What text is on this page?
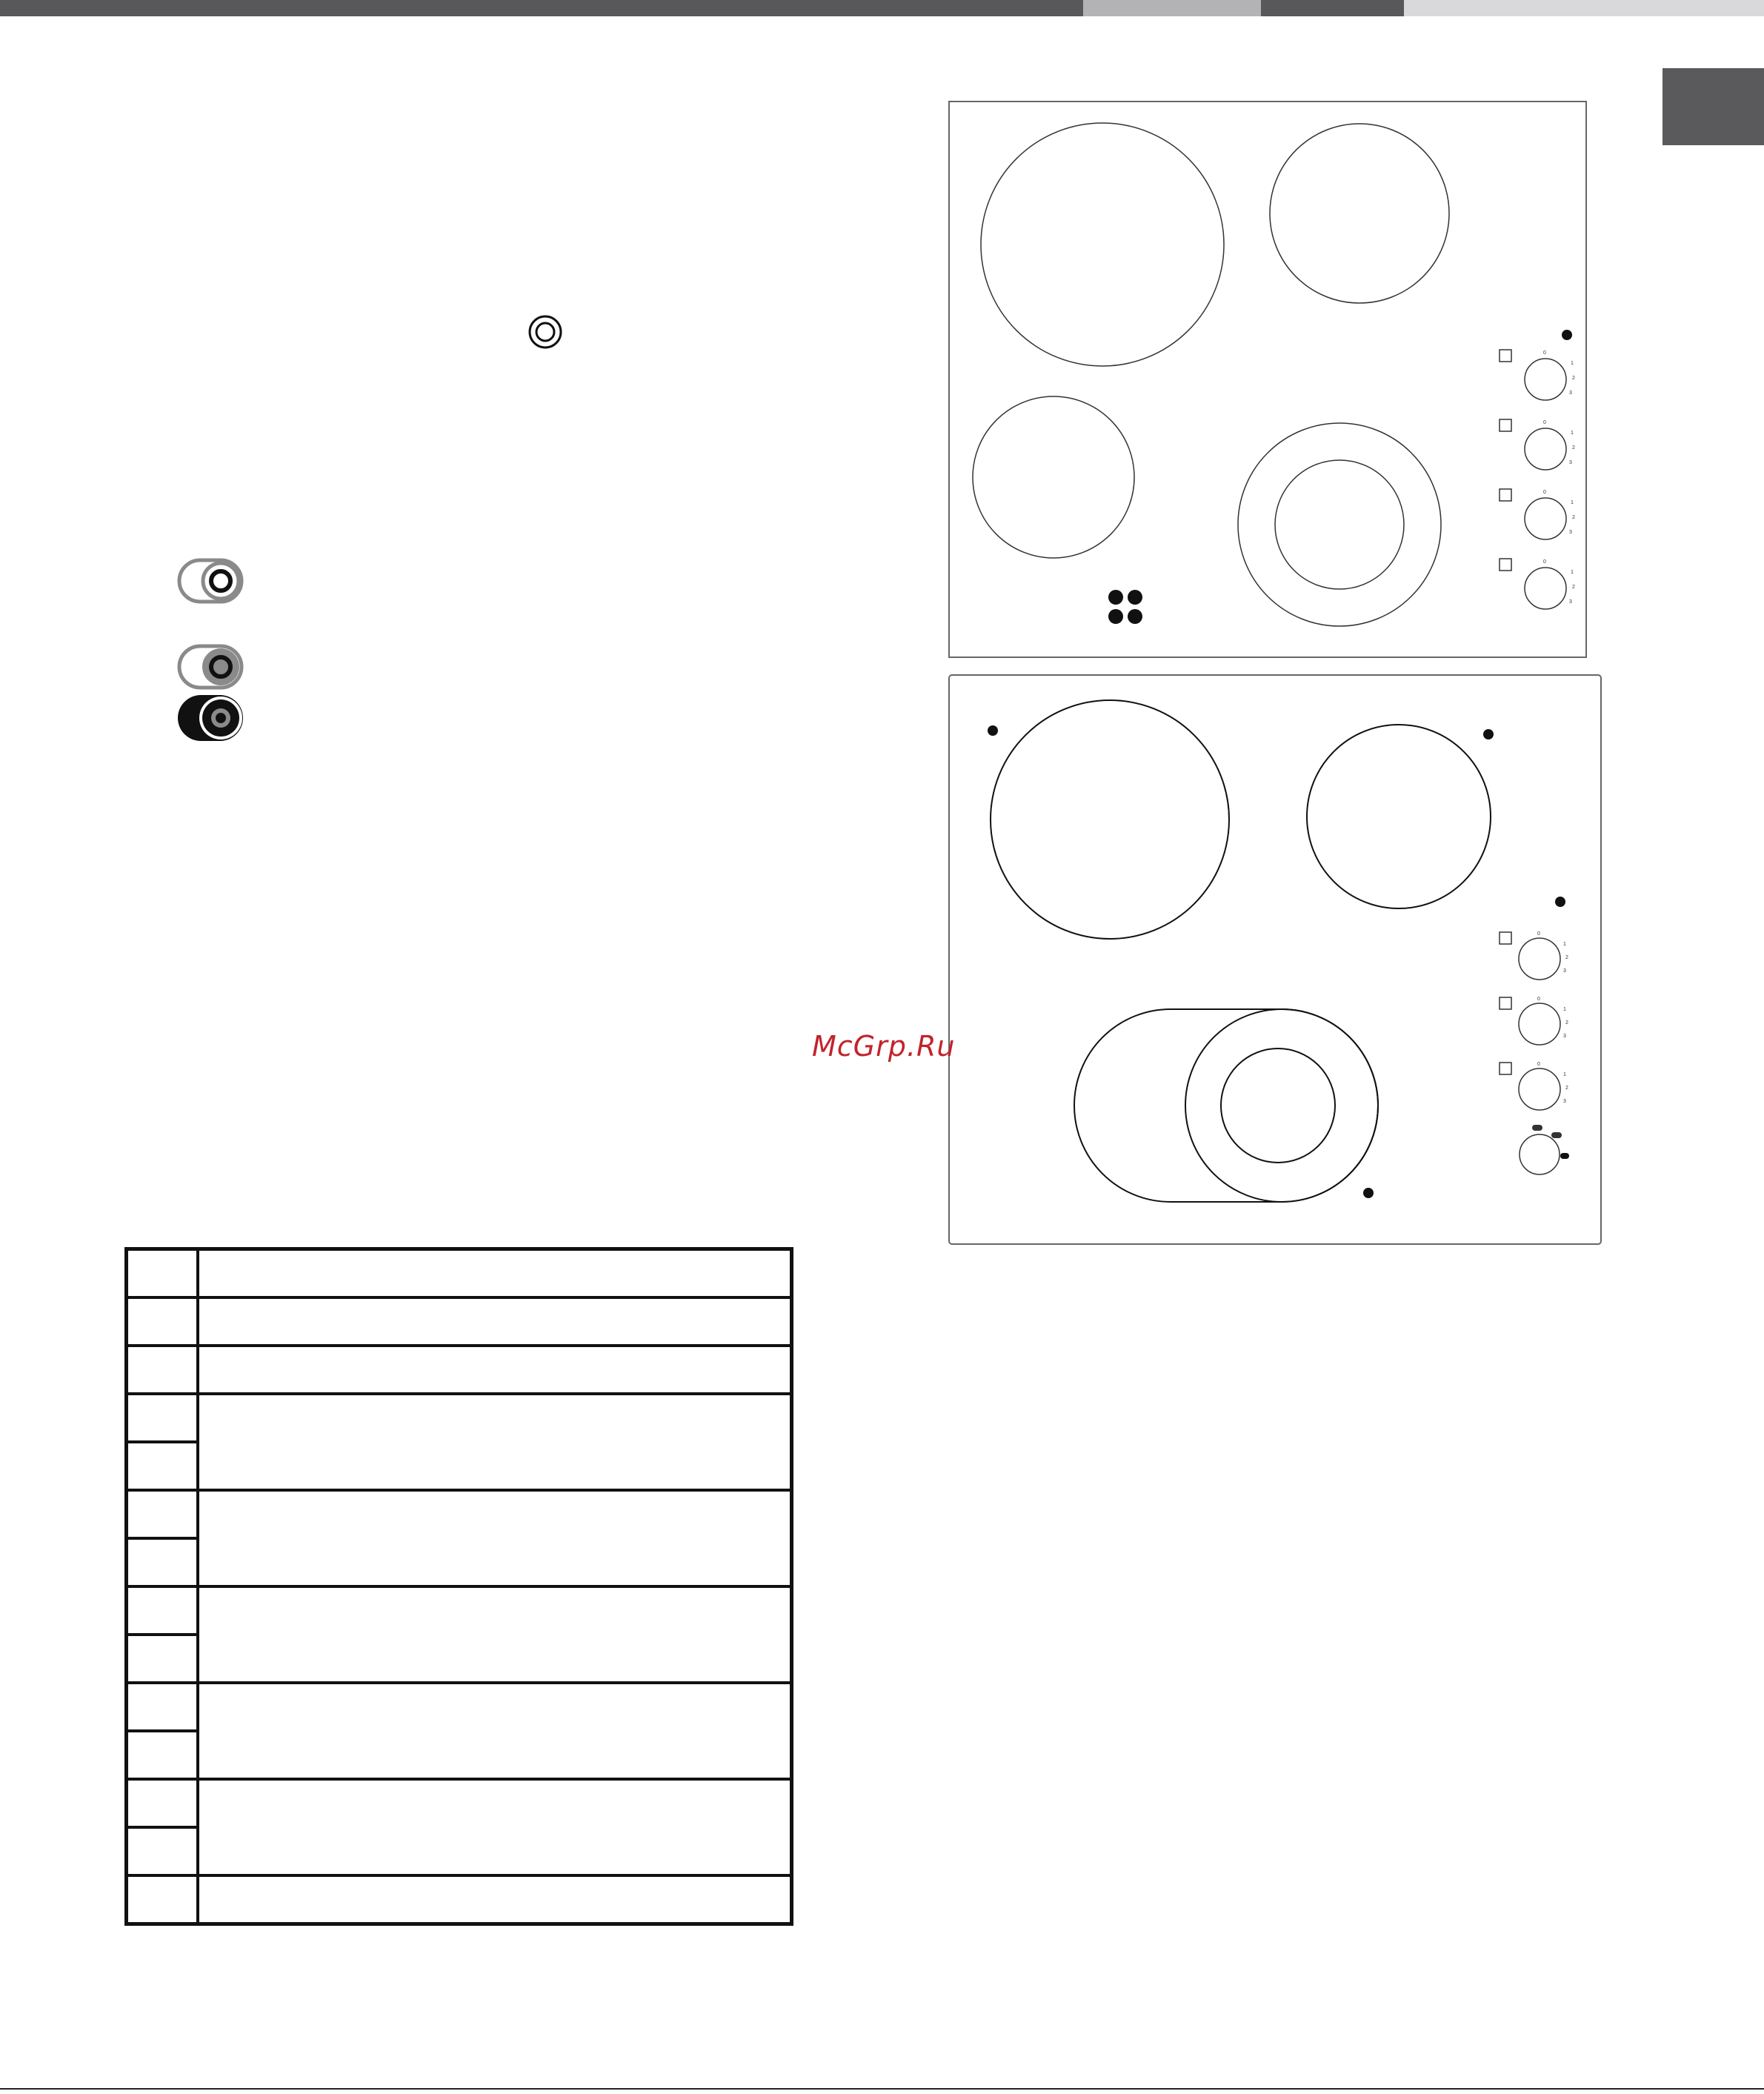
0
1
2
3
0
1
2
3
0
1
2
3
0
1
2
3
0
1
2
3
0
1
2
3
0
1
2
3
McGrp.Ru
